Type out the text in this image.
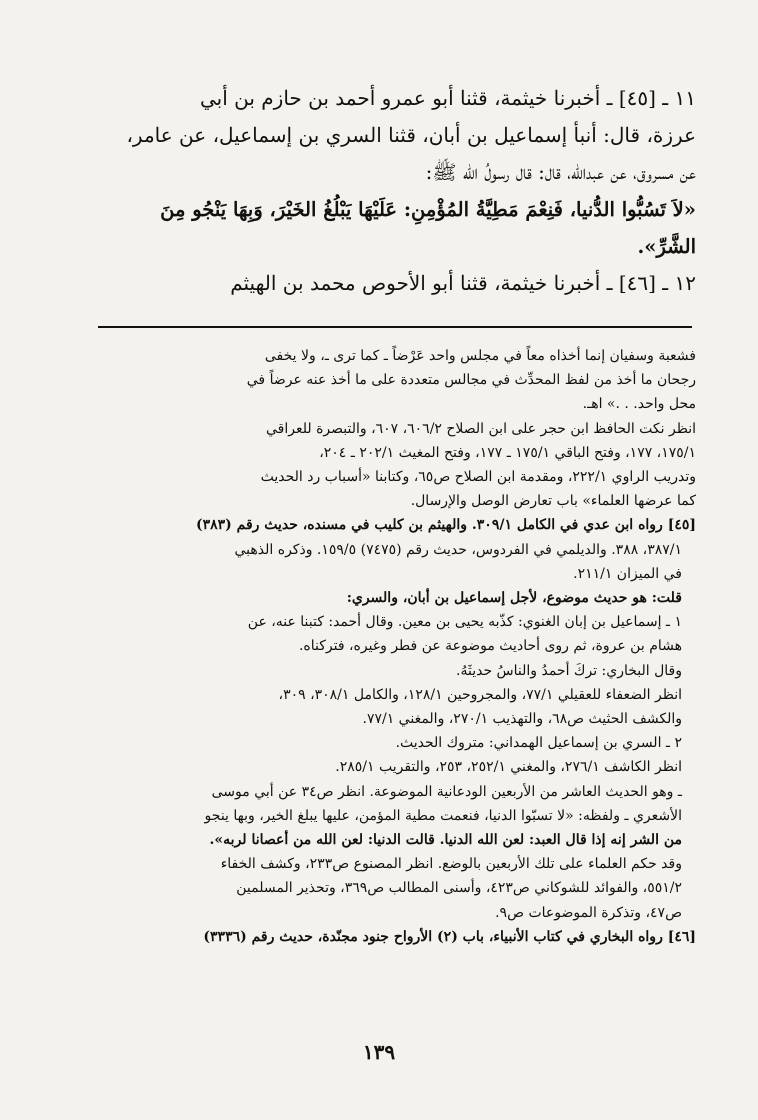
١١ ـ [٤٥] ـ أخبرنا خيثمة، قثنا أبو عمرو أحمد بن حازم بن أبي

عرزة، قال: أنبأ إسماعيل بن أبان، قثنا السري بن إسماعيل، عن عامر،

عن مسروق، عن عبدالله، قال: قال رسولُ الله ﷺ:

«لاَ تَسُبُّوا الدُّنيا، فَنِعْمَ مَطِيَّةُ المُؤْمِنِ: عَلَيْهَا يَبْلُغُ الخَيْرَ، وَبِهَا يَنْجُو مِنَ

الشَّرِّ».

١٢ ـ [٤٦] ـ أخبرنا خيثمة، قثنا أبو الأحوص محمد بن الهيثم

فشعبة وسفيان إنما أخذاه معاً في مجلس واحد عَرْضاً ـ كما ترى ـ، ولا يخفى

رجحان ما أخذ من لفظ المحدِّث في مجالس متعددة على ما أخذ عنه عرضاً في

محل واحد. . .» اهـ.

انظر نكت الحافظ ابن حجر على ابن الصلاح ٦٠٦/٢، ٦٠٧، والتبصرة للعراقي

١٧٥/١، ١٧٧، وفتح الباقي ١٧٥/١ ـ ١٧٧، وفتح المغيث ٢٠٢/١ ـ ٢٠٤،

وتدريب الراوي ٢٢٢/١، ومقدمة ابن الصلاح ص٦٥، وكتابنا «أسباب رد الحديث

كما عرضها العلماء» باب تعارض الوصل والإرسال.

[٤٥] رواه ابن عدي في الكامل ٣٠٩/١. والهيثم بن كليب في مسنده، حديث رقم (٣٨٣)

٣٨٧/١، ٣٨٨. والديلمي في الفردوس، حديث رقم (٧٤٧٥) ١٥٩/٥. وذكره الذهبي

في الميزان ٢١١/١.

قلت: هو حديث موضوع، لأجل إسماعيل بن أبان، والسري:

١ ـ إسماعيل بن إبان الغنوي: كذّبه يحيى بن معين. وقال أحمد: كتبنا عنه، عن

هشام بن عروة، ثم روى أحاديث موضوعة عن فطر وغيره، فتركناه.

وقال البخاري: تركَ أحمدُ والناسُ حديثَهُ.

انظر الضعفاء للعقيلي ٧٧/١، والمجروحين ١٢٨/١، والكامل ٣٠٨/١، ٣٠٩،

والكشف الحثيث ص٦٨، والتهذيب ٢٧٠/١، والمغني ٧٧/١.

٢ ـ السري بن إسماعيل الهمداني: متروك الحديث.

انظر الكاشف ٢٧٦/١، والمغني ٢٥٢/١، ٢٥٣، والتقريب ٢٨٥/١.

ـ وهو الحديث العاشر من الأربعين الودعانية الموضوعة. انظر ص٣٤ عن أبي موسى

الأشعري ـ ولفظه: «لا تسبّوا الدنيا، فنعمت مطية المؤمن، عليها يبلغ الخير، وبها ينجو

من الشر إنه إذا قال العبد: لعن الله الدنيا. قالت الدنيا: لعن الله من أعصانا لربه».

وقد حكم العلماء على تلك الأربعين بالوضع. انظر المصنوع ص٢٣٣، وكشف الخفاء

٥٥١/٢، والفوائد للشوكاني ص٤٢٣، وأسنى المطالب ص٣٦٩، وتحذير المسلمين

ص٤٧، وتذكرة الموضوعات ص٩.

[٤٦] رواه البخاري في كتاب الأنبياء، باب (٢) الأرواح جنود مجنّدة، حديث رقم (٣٣٣٦)

١٣٩
